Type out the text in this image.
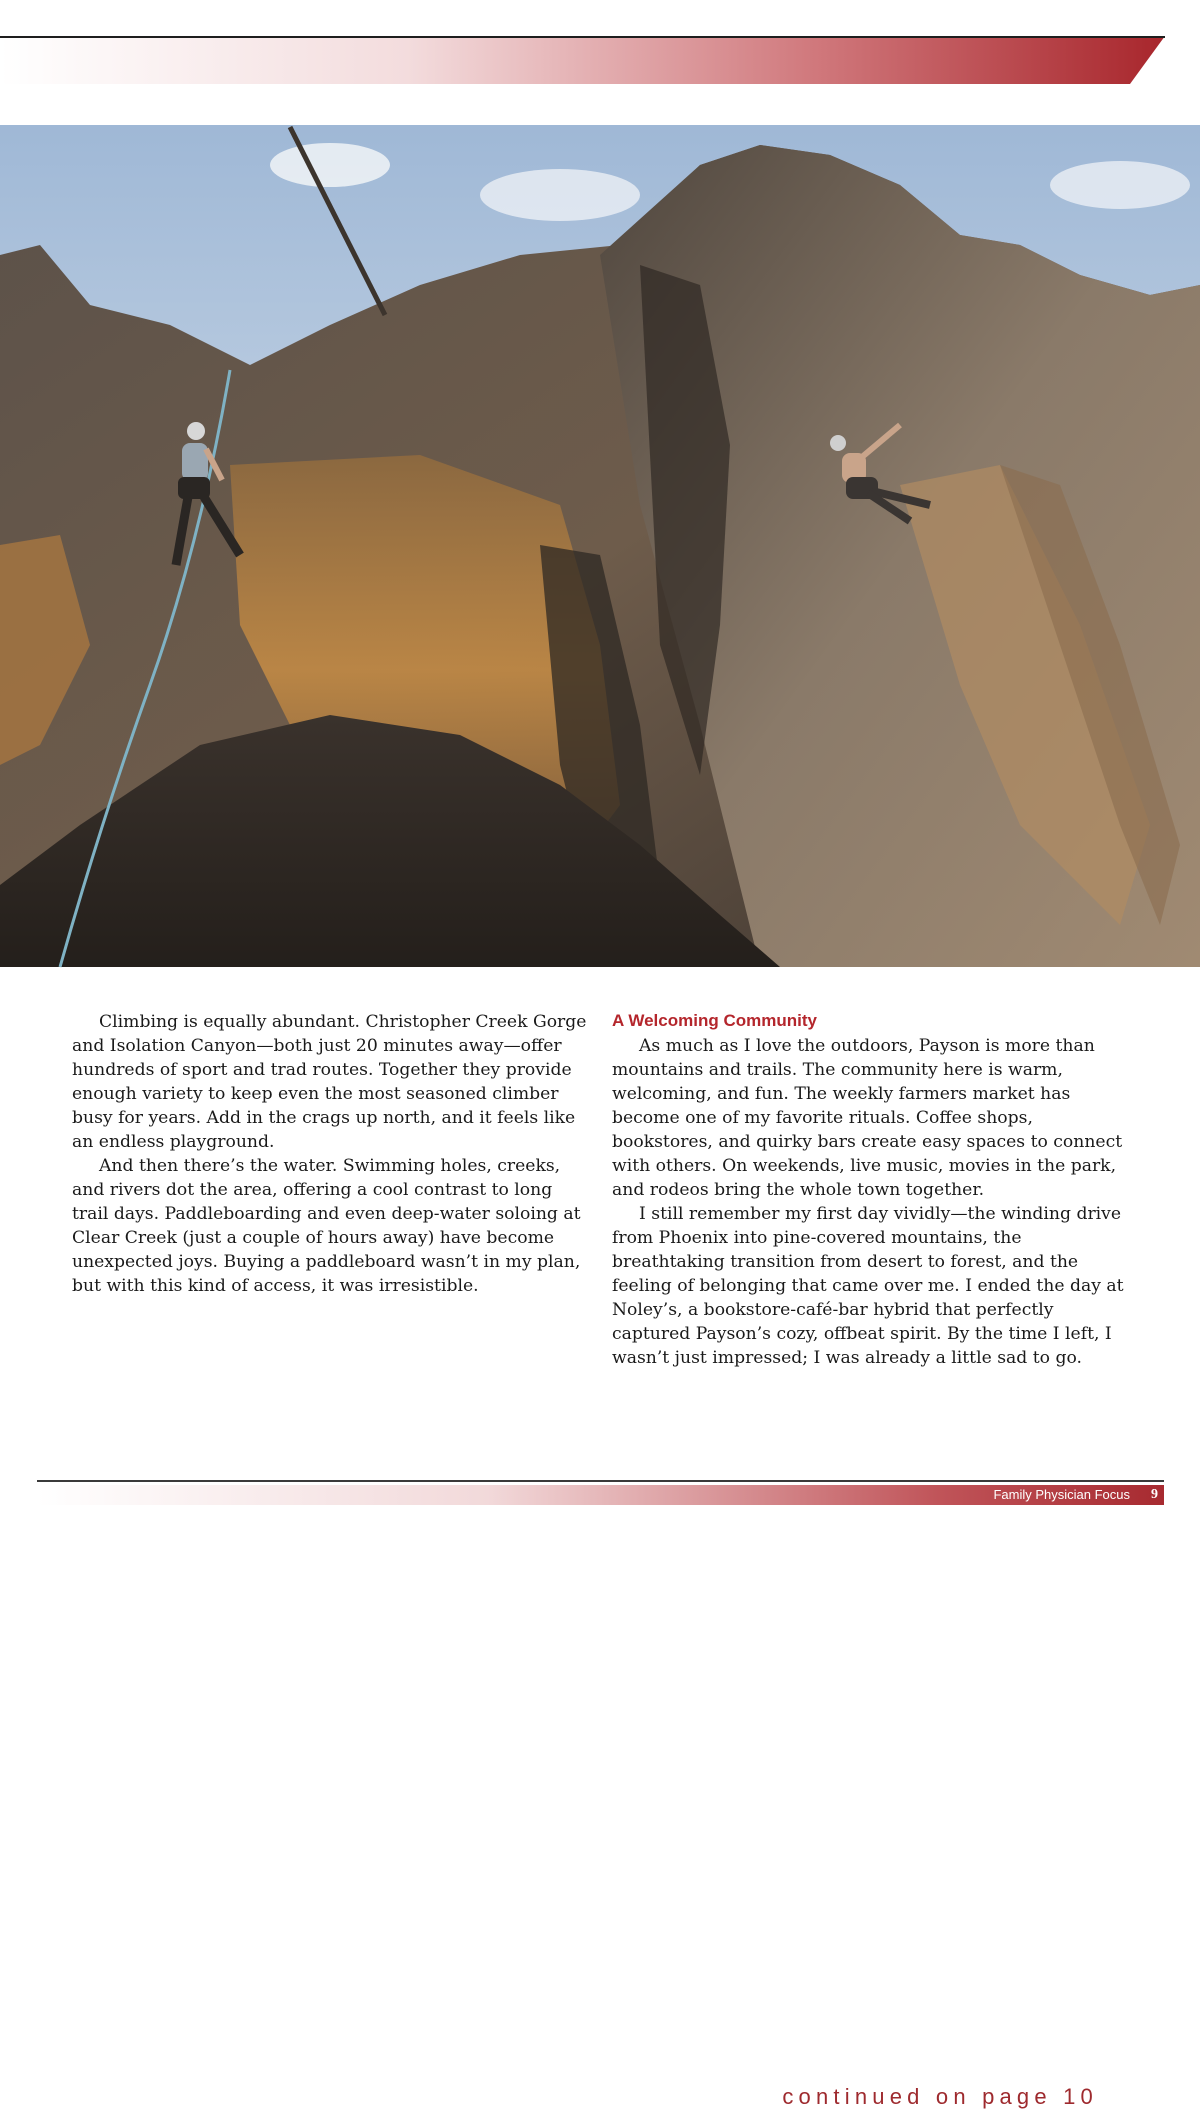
Climbing is equally abundant. Christopher Creek Gorge and Isolation Canyon—both just 20 minutes away—offer hundreds of sport and trad routes. Together they provide enough variety to keep even the most seasoned climber busy for years. Add in the crags up north, and it feels like an endless playground.

And then there’s the water. Swimming holes, creeks, and rivers dot the area, offering a cool contrast to long trail days. Paddleboarding and even deep-water soloing at Clear Creek (just a couple of hours away) have become unexpected joys. Buying a paddleboard wasn’t in my plan, but with this kind of access, it was irresistible.

A Welcoming Community

As much as I love the outdoors, Payson is more than mountains and trails. The community here is warm, welcoming, and fun. The weekly farmers market has become one of my favorite rituals. Coffee shops, bookstores, and quirky bars create easy spaces to connect with others. On weekends, live music, movies in the park, and rodeos bring the whole town together.

I still remember my first day vividly—the winding drive from Phoenix into pine-covered mountains, the breathtaking transition from desert to forest, and the feeling of belonging that came over me. I ended the day at Noley’s, a bookstore-café-bar hybrid that perfectly captured Payson’s cozy, offbeat spirit. By the time I left, I wasn’t just impressed; I was already a little sad to go.

continued on page 10
Family Physician Focus 9
